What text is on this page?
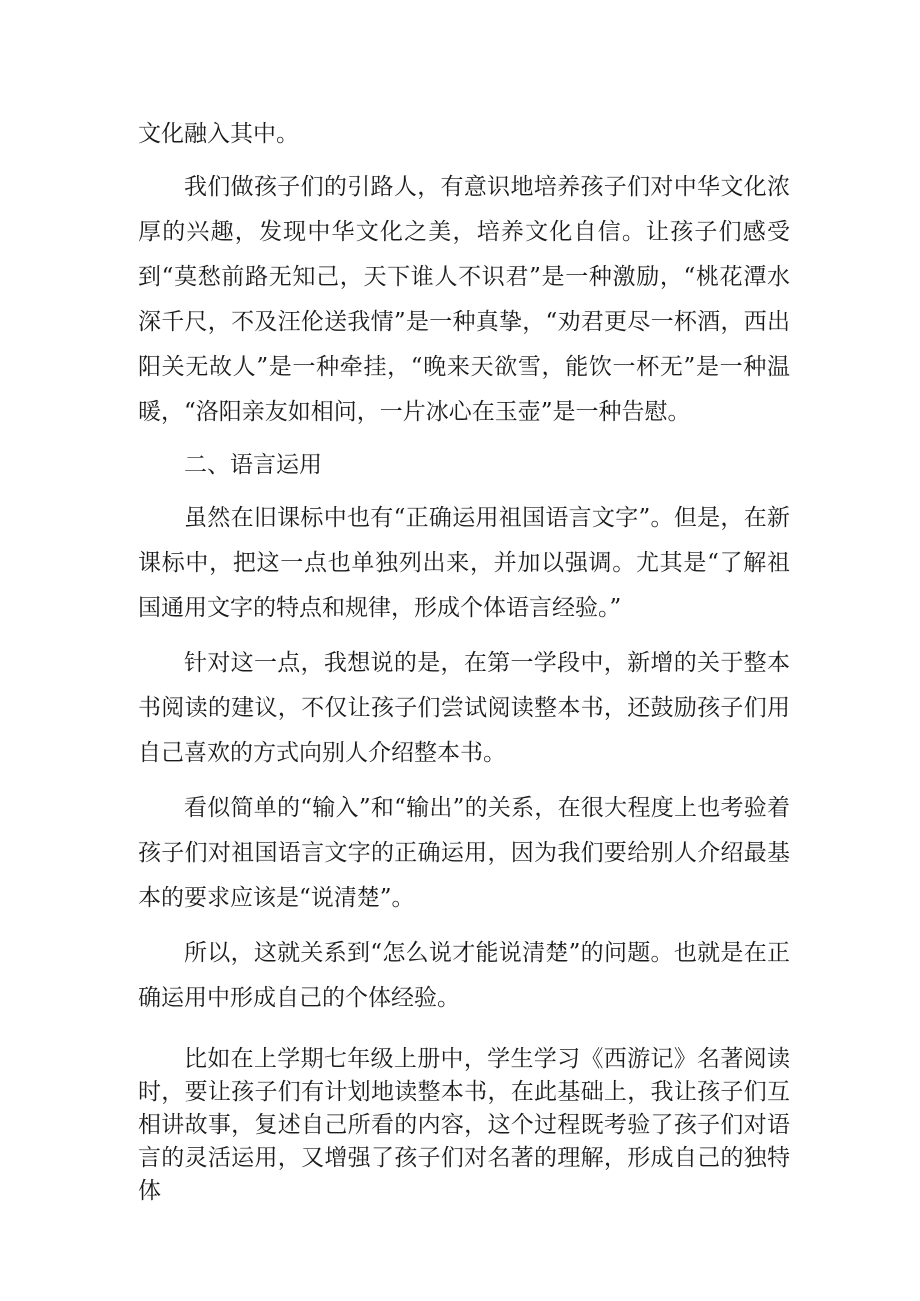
文化融入其中。

我们做孩子们的引路人，有意识地培养孩子们对中华文化浓厚的兴趣，发现中华文化之美，培养文化自信。让孩子们感受到“莫愁前路无知己，天下谁人不识君”是一种激励，“桃花潭水深千尺，不及汪伦送我情”是一种真挚，“劝君更尽一杯酒，西出阳关无故人”是一种牵挂，“晚来天欲雪，能饮一杯无”是一种温暖，“洛阳亲友如相问，一片冰心在玉壶”是一种告慰。

二、语言运用

虽然在旧课标中也有“正确运用祖国语言文字”。但是，在新课标中，把这一点也单独列出来，并加以强调。尤其是“了解祖国通用文字的特点和规律，形成个体语言经验。”

针对这一点，我想说的是，在第一学段中，新增的关于整本书阅读的建议，不仅让孩子们尝试阅读整本书，还鼓励孩子们用自己喜欢的方式向别人介绍整本书。

看似简单的“输入”和“输出”的关系，在很大程度上也考验着孩子们对祖国语言文字的正确运用，因为我们要给别人介绍最基本的要求应该是“说清楚”。

所以，这就关系到“怎么说才能说清楚”的问题。也就是在正确运用中形成自己的个体经验。

比如在上学期七年级上册中，学生学习《西游记》名著阅读时，要让孩子们有计划地读整本书，在此基础上，我让孩子们互相讲故事，复述自己所看的内容，这个过程既考验了孩子们对语言的灵活运用，又增强了孩子们对名著的理解，形成自己的独特体
